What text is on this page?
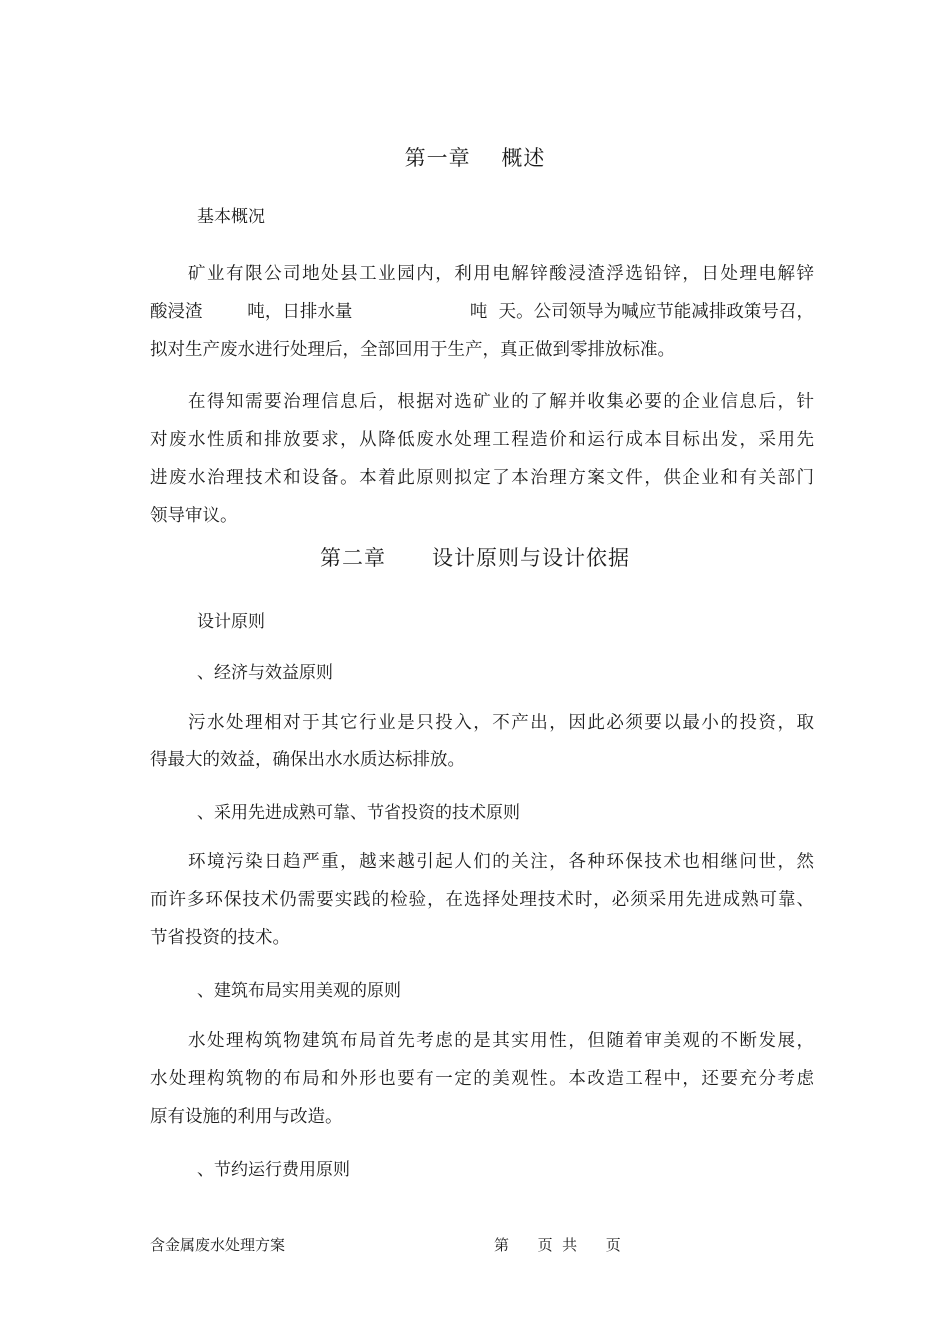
第一章    概述
基本概况
　　矿业有限公司地处县工业园内，利用电解锌酸浸渣浮选铅锌，日处理电解锌
酸浸渣        吨，日排水量                     吨  天。公司领导为喊应节能减排政策号召，
拟对生产废水进行处理后，全部回用于生产，真正做到零排放标准。
　　在得知需要治理信息后，根据对选矿业的了解并收集必要的企业信息后，针
对废水性质和排放要求，从降低废水处理工程造价和运行成本目标出发，采用先
进废水治理技术和设备。本着此原则拟定了本治理方案文件，供企业和有关部门
领导审议。
第二章      设计原则与设计依据
设计原则
、经济与效益原则
　　污水处理相对于其它行业是只投入，不产出，因此必须要以最小的投资，取
得最大的效益，确保出水水质达标排放。
、采用先进成熟可靠、节省投资的技术原则
　　环境污染日趋严重，越来越引起人们的关注，各种环保技术也相继问世，然
而许多环保技术仍需要实践的检验，在选择处理技术时，必须采用先进成熟可靠、
节省投资的技术。
、建筑布局实用美观的原则
　　水处理构筑物建筑布局首先考虑的是其实用性，但随着审美观的不断发展，
水处理构筑物的布局和外形也要有一定的美观性。本改造工程中，还要充分考虑
原有设施的利用与改造。
、节约运行费用原则
含金属废水处理方案	第      页  共      页
